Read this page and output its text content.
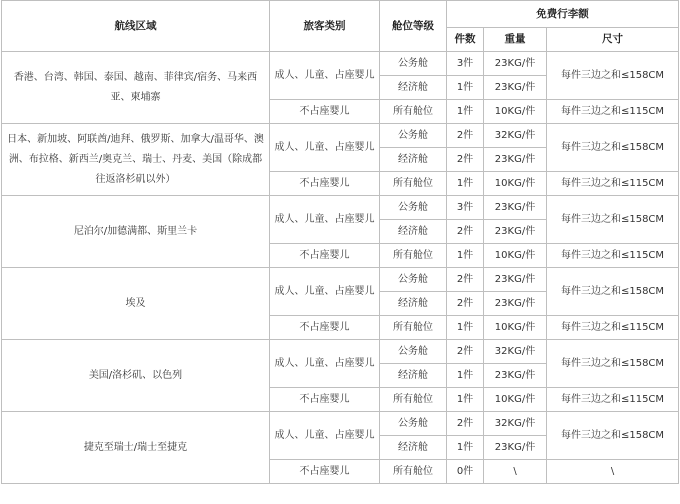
航线区域	旅客类别	舱位等级	免费行李额		
			件数	重量	尺寸
香港、台湾、韩国、泰国、越南、菲律宾/宿务、马来西亚、柬埔寨	成人、儿童、占座婴儿	公务舱	3件	23KG/件	每件三边之和≤158CM
		经济舱	1件	23KG/件	
	不占座婴儿	所有舱位	1件	10KG/件	每件三边之和≤115CM
日本、新加坡、阿联酋/迪拜、俄罗斯、加拿大/温哥华、澳洲、布拉格、新西兰/奥克兰、瑞士、丹麦、美国（除成都往返洛杉矶以外）	成人、儿童、占座婴儿	公务舱	2件	32KG/件	每件三边之和≤158CM
		经济舱	2件	23KG/件	
	不占座婴儿	所有舱位	1件	10KG/件	每件三边之和≤115CM
尼泊尔/加德满都、斯里兰卡	成人、儿童、占座婴儿	公务舱	3件	23KG/件	每件三边之和≤158CM
		经济舱	2件	23KG/件	
	不占座婴儿	所有舱位	1件	10KG/件	每件三边之和≤115CM
埃及	成人、儿童、占座婴儿	公务舱	2件	23KG/件	每件三边之和≤158CM
		经济舱	2件	23KG/件	
	不占座婴儿	所有舱位	1件	10KG/件	每件三边之和≤115CM
美国/洛杉矶、以色列	成人、儿童、占座婴儿	公务舱	2件	32KG/件	每件三边之和≤158CM
		经济舱	1件	23KG/件	
	不占座婴儿	所有舱位	1件	10KG/件	每件三边之和≤115CM
捷克至瑞士/瑞士至捷克	成人、儿童、占座婴儿	公务舱	2件	32KG/件	每件三边之和≤158CM
		经济舱	1件	23KG/件	
	不占座婴儿	所有舱位	0件	\	\
